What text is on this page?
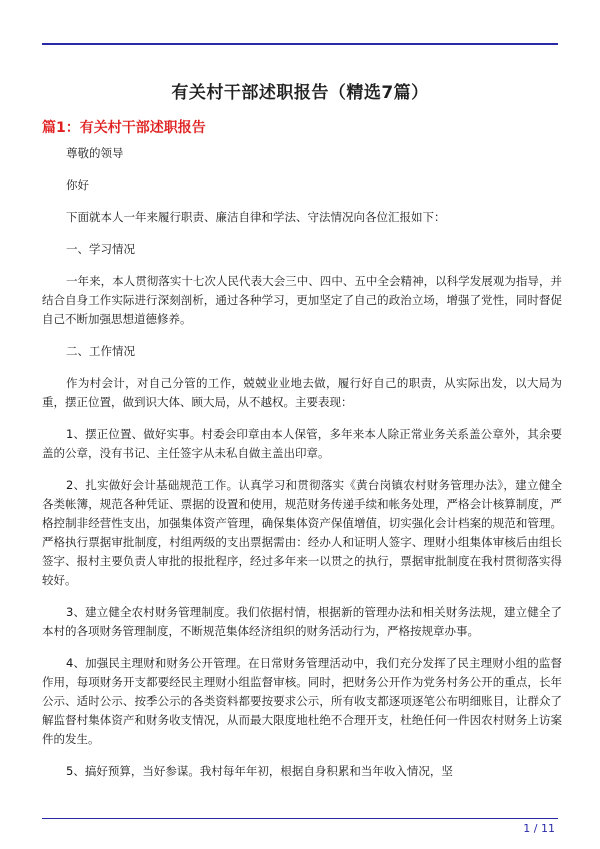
有关村干部述职报告（精选7篇）
篇1：有关村干部述职报告

尊敬的领导

你好

下面就本人一年来履行职责、廉洁自律和学法、守法情况向各位汇报如下：

一、学习情况

一年来，本人贯彻落实十七次人民代表大会三中、四中、五中全会精神，以科学发展观为指导，并结合自身工作实际进行深刻剖析，通过各种学习，更加坚定了自己的政治立场，增强了党性，同时督促自己不断加强思想道德修养。

二、工作情况

作为村会计，对自己分管的工作，兢兢业业地去做，履行好自己的职责，从实际出发，以大局为重，摆正位置，做到识大体、顾大局，从不越权。主要表现：

1、摆正位置、做好实事。村委会印章由本人保管，多年来本人除正常业务关系盖公章外，其余要盖的公章，没有书记、主任签字从未私自做主盖出印章。

2、扎实做好会计基础规范工作。认真学习和贯彻落实《黄台岗镇农村财务管理办法》，建立健全各类帐簿，规范各种凭证、票据的设置和使用，规范财务传递手续和帐务处理，严格会计核算制度，严格控制非经营性支出，加强集体资产管理，确保集体资产保值增值，切实强化会计档案的规范和管理。严格执行票据审批制度，村组两级的支出票据需由：经办人和证明人签字、理财小组集体审核后由组长签字、报村主要负责人审批的报批程序，经过多年来一以贯之的执行，票据审批制度在我村贯彻落实得较好。

3、建立健全农村财务管理制度。我们依据村情，根据新的管理办法和相关财务法规，建立健全了本村的各项财务管理制度，不断规范集体经济组织的财务活动行为，严格按规章办事。

4、加强民主理财和财务公开管理。在日常财务管理活动中，我们充分发挥了民主理财小组的监督作用，每项财务开支都要经民主理财小组监督审核。同时，把财务公开作为党务村务公开的重点，长年公示、适时公示、按季公示的各类资料都要按要求公示，所有收支都逐项逐笔公布明细账目，让群众了解监督村集体资产和财务收支情况，从而最大限度地杜绝不合理开支，杜绝任何一件因农村财务上访案件的发生。

5、搞好预算，当好参谋。我村每年年初，根据自身积累和当年收入情况，坚

1 / 11
